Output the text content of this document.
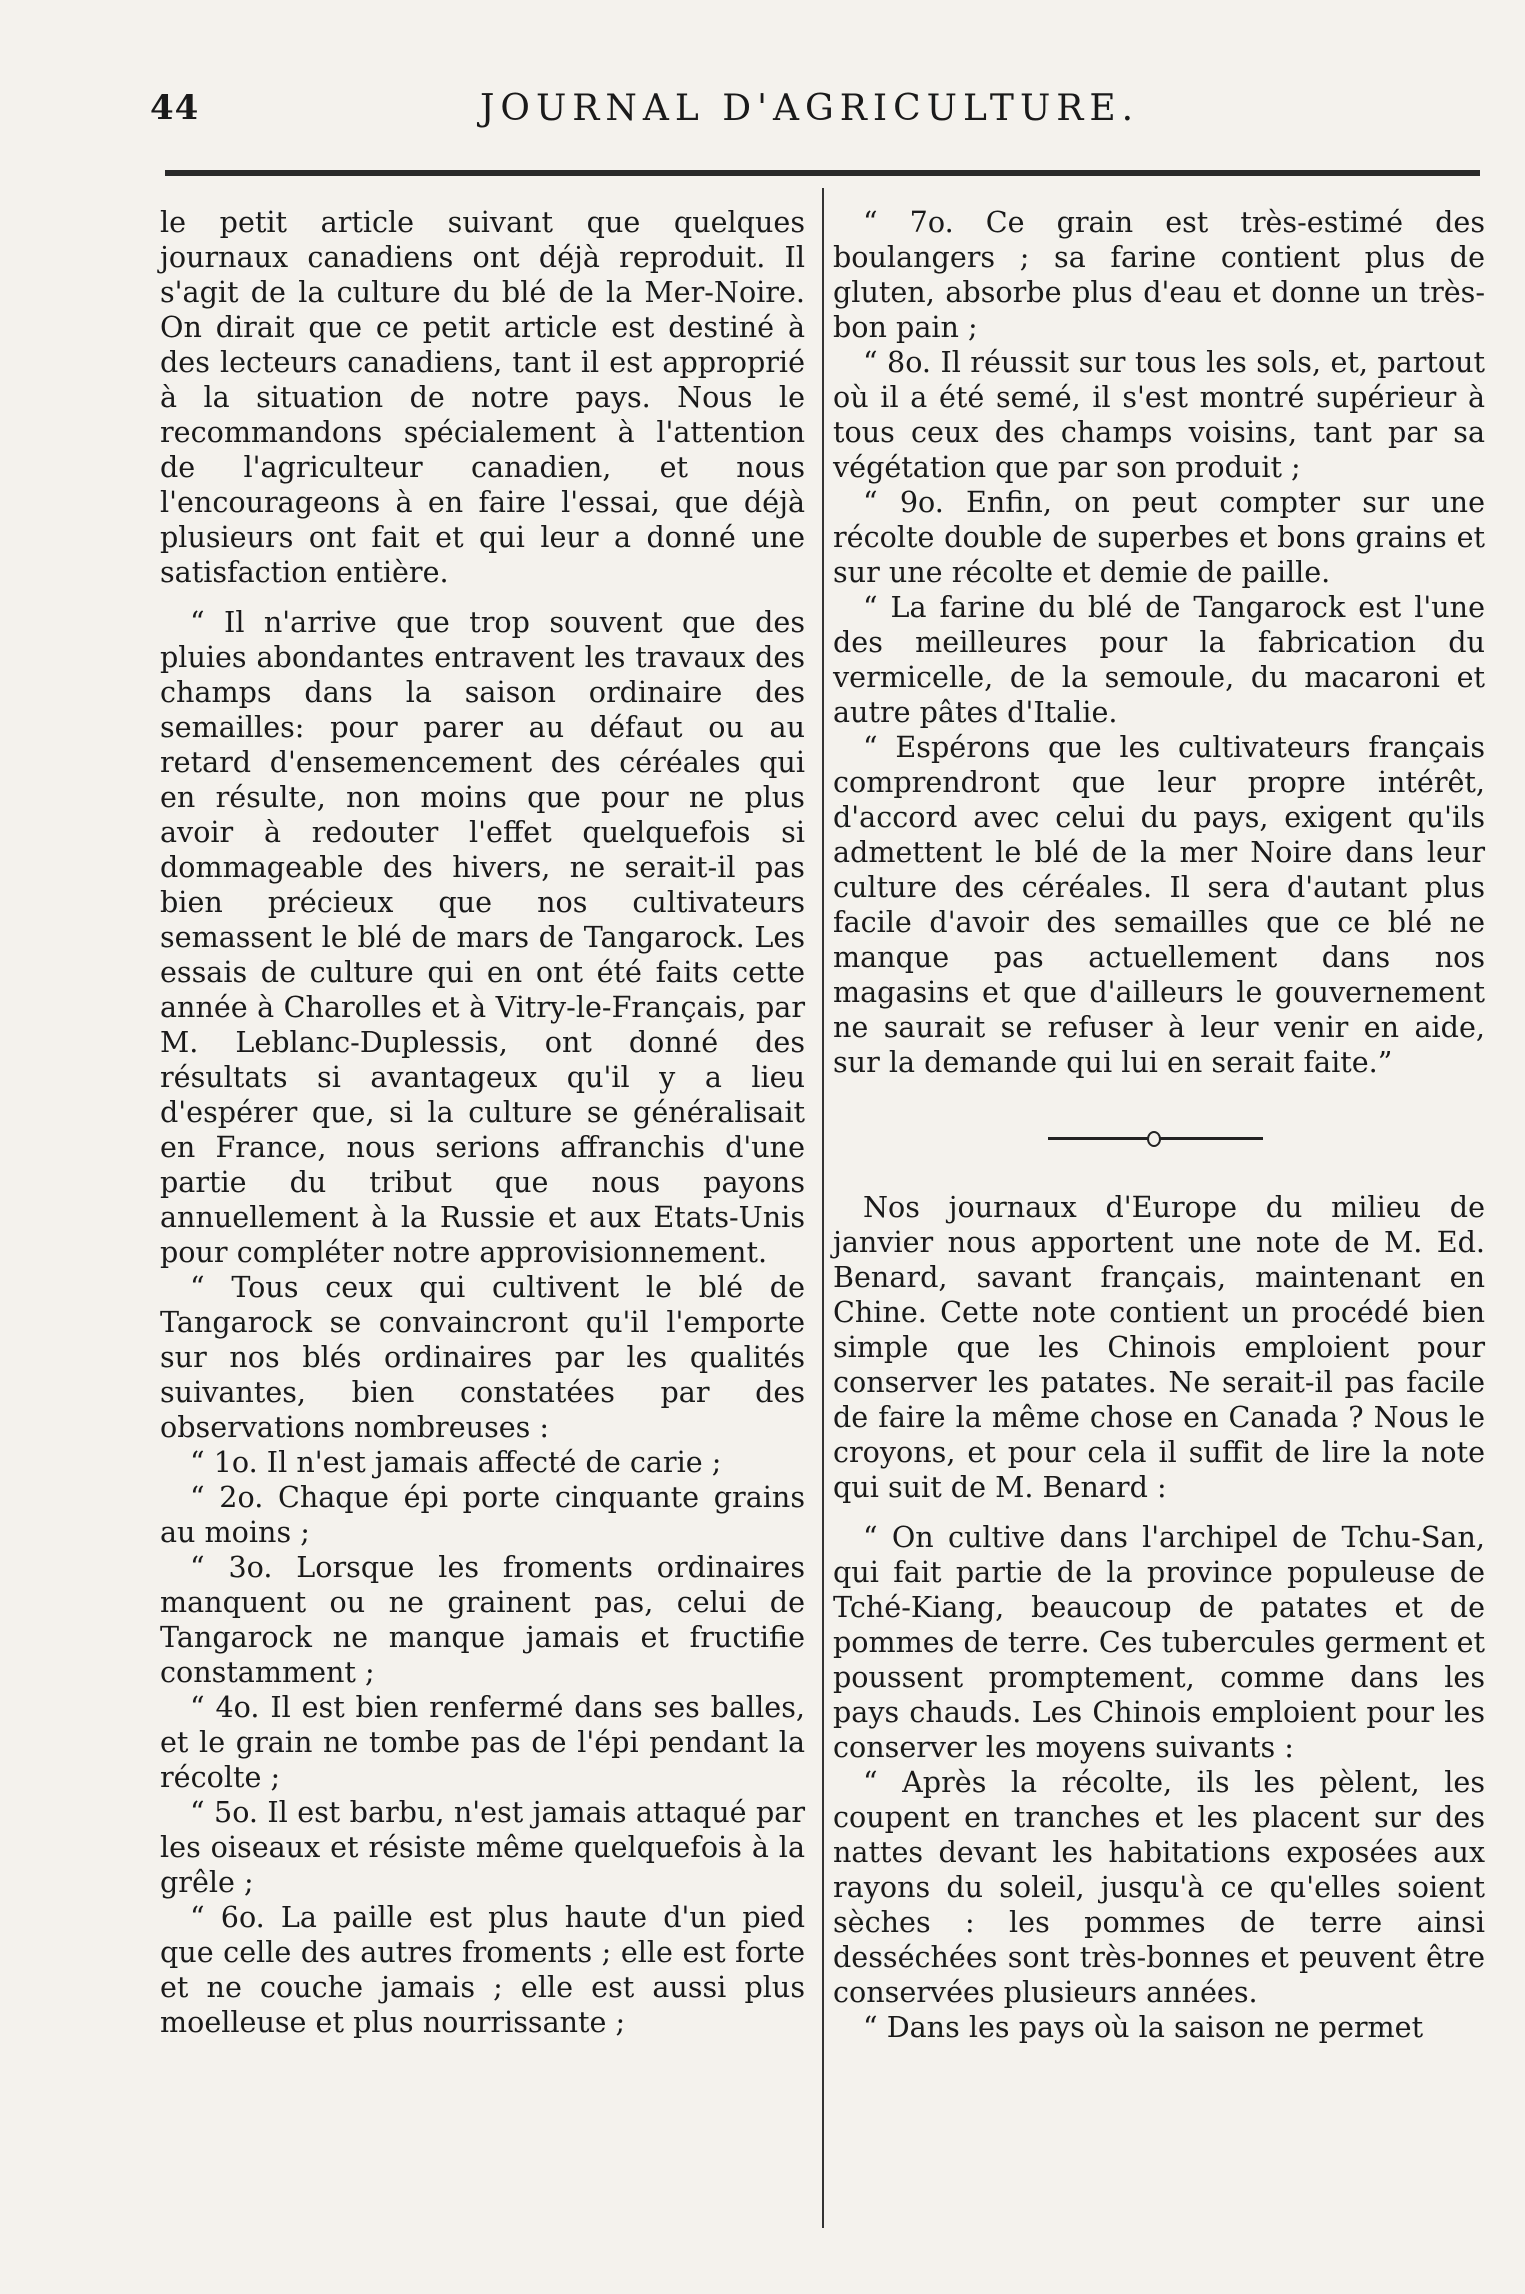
44	JOURNAL D'AGRICULTURE.

le petit article suivant que quelques journaux canadiens ont déjà reproduit. Il s'agit de la culture du blé de la Mer-Noire. On dirait que ce petit article est destiné à des lecteurs canadiens, tant il est approprié à la situation de notre pays. Nous le recommandons spécialement à l'attention de l'agriculteur canadien, et nous l'encourageons à en faire l'essai, que déjà plusieurs ont fait et qui leur a donné une satisfaction entière.

“ Il n'arrive que trop souvent que des pluies abondantes entravent les travaux des champs dans la saison ordinaire des semailles: pour parer au défaut ou au retard d'ensemencement des céréales qui en résulte, non moins que pour ne plus avoir à redouter l'effet quelquefois si dommageable des hivers, ne serait-il pas bien précieux que nos cultivateurs semassent le blé de mars de Tangarock. Les essais de culture qui en ont été faits cette année à Charolles et à Vitry-le-Français, par M. Leblanc-Duplessis, ont donné des résultats si avantageux qu'il y a lieu d'espérer que, si la culture se généralisait en France, nous serions affranchis d'une partie du tribut que nous payons annuellement à la Russie et aux Etats-Unis pour compléter notre approvisionnement.

“ Tous ceux qui cultivent le blé de Tangarock se convaincront qu'il l'emporte sur nos blés ordinaires par les qualités suivantes, bien constatées par des observations nombreuses :

“ 1o. Il n'est jamais affecté de carie ;

“ 2o. Chaque épi porte cinquante grains au moins ;

“ 3o. Lorsque les froments ordinaires manquent ou ne grainent pas, celui de Tangarock ne manque jamais et fructifie constamment ;

“ 4o. Il est bien renfermé dans ses balles, et le grain ne tombe pas de l'épi pendant la récolte ;

“ 5o. Il est barbu, n'est jamais attaqué par les oiseaux et résiste même quelquefois à la grêle ;

“ 6o. La paille est plus haute d'un pied que celle des autres froments ; elle est forte et ne couche jamais ; elle est aussi plus moelleuse et plus nourrissante ;

“ 7o. Ce grain est très-estimé des boulangers ; sa farine contient plus de gluten, absorbe plus d'eau et donne un très-bon pain ;

“ 8o. Il réussit sur tous les sols, et, partout où il a été semé, il s'est montré supérieur à tous ceux des champs voisins, tant par sa végétation que par son produit ;

“ 9o. Enfin, on peut compter sur une récolte double de superbes et bons grains et sur une récolte et demie de paille.

“ La farine du blé de Tangarock est l'une des meilleures pour la fabrication du vermicelle, de la semoule, du macaroni et autre pâtes d'Italie.

“ Espérons que les cultivateurs français comprendront que leur propre intérêt, d'accord avec celui du pays, exigent qu'ils admettent le blé de la mer Noire dans leur culture des céréales. Il sera d'autant plus facile d'avoir des semailles que ce blé ne manque pas actuellement dans nos magasins et que d'ailleurs le gouvernement ne saurait se refuser à leur venir en aide, sur la demande qui lui en serait faite.”

Nos journaux d'Europe du milieu de janvier nous apportent une note de M. Ed. Benard, savant français, maintenant en Chine. Cette note contient un procédé bien simple que les Chinois emploient pour conserver les patates. Ne serait-il pas facile de faire la même chose en Canada ? Nous le croyons, et pour cela il suffit de lire la note qui suit de M. Benard :

“ On cultive dans l'archipel de Tchu-San, qui fait partie de la province populeuse de Tché-Kiang, beaucoup de patates et de pommes de terre. Ces tubercules germent et poussent promptement, comme dans les pays chauds. Les Chinois emploient pour les conserver les moyens suivants :

“ Après la récolte, ils les pèlent, les coupent en tranches et les placent sur des nattes devant les habitations exposées aux rayons du soleil, jusqu'à ce qu'elles soient sèches : les pommes de terre ainsi desséchées sont très-bonnes et peuvent être conservées plusieurs années.

“ Dans les pays où la saison ne permet
